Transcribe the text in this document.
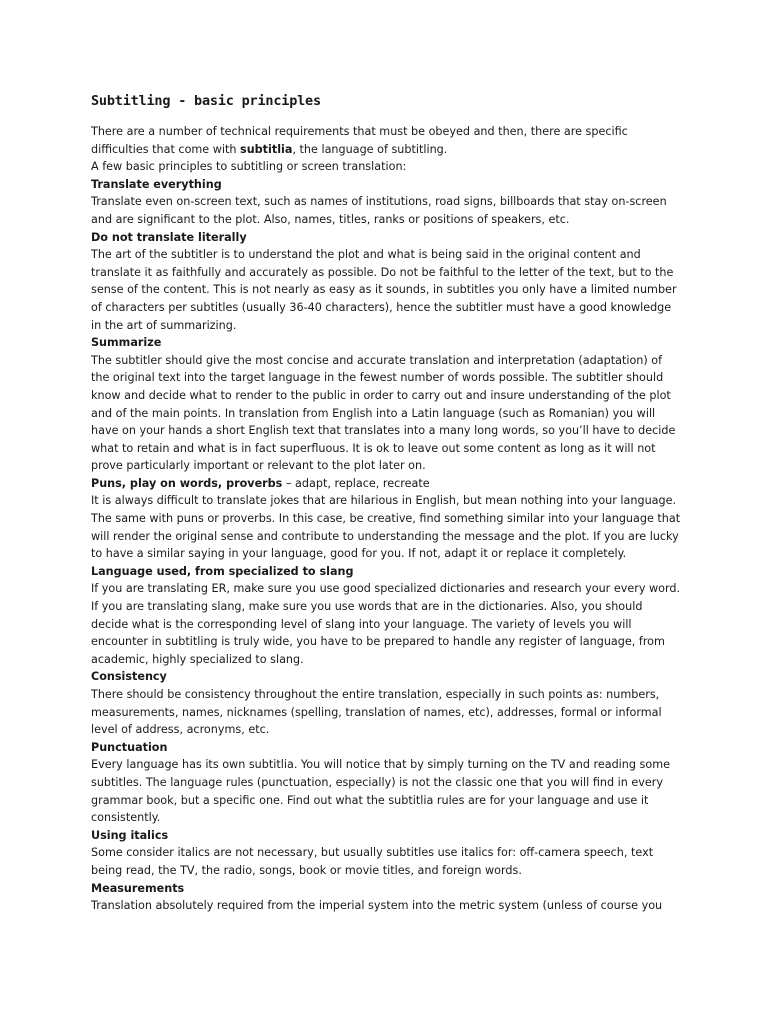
Subtitling - basic principles

There are a number of technical requirements that must be obeyed and then, there are specific difficulties that come with subtitlia, the language of subtitling.

A few basic principles to subtitling or screen translation:

Translate everything

Translate even on-screen text, such as names of institutions, road signs, billboards that stay on-screen and are significant to the plot. Also, names, titles, ranks or positions of speakers, etc.

Do not translate literally

The art of the subtitler is to understand the plot and what is being said in the original content and translate it as faithfully and accurately as possible. Do not be faithful to the letter of the text, but to the sense of the content. This is not nearly as easy as it sounds, in subtitles you only have a limited number of characters per subtitles (usually 36-40 characters), hence the subtitler must have a good knowledge in the art of summarizing.

Summarize

The subtitler should give the most concise and accurate translation and interpretation (adaptation) of the original text into the target language in the fewest number of words possible. The subtitler should know and decide what to render to the public in order to carry out and insure understanding of the plot and of the main points. In translation from English into a Latin language (such as Romanian) you will have on your hands a short English text that translates into a many long words, so you’ll have to decide what to retain and what is in fact superfluous. It is ok to leave out some content as long as it will not prove particularly important or relevant to the plot later on.

Puns, play on words, proverbs – adapt, replace, recreate

It is always difficult to translate jokes that are hilarious in English, but mean nothing into your language. The same with puns or proverbs. In this case, be creative, find something similar into your language that will render the original sense and contribute to understanding the message and the plot. If you are lucky to have a similar saying in your language, good for you. If not, adapt it or replace it completely.

Language used, from specialized to slang

If you are translating ER, make sure you use good specialized dictionaries and research your every word. If you are translating slang, make sure you use words that are in the dictionaries. Also, you should decide what is the corresponding level of slang into your language. The variety of levels you will encounter in subtitling is truly wide, you have to be prepared to handle any register of language, from academic, highly specialized to slang.

Consistency

There should be consistency throughout the entire translation, especially in such points as: numbers, measurements, names, nicknames (spelling, translation of names, etc), addresses, formal or informal level of address, acronyms, etc.

Punctuation

Every language has its own subtitlia. You will notice that by simply turning on the TV and reading some subtitles. The language rules (punctuation, especially) is not the classic one that you will find in every grammar book, but a specific one. Find out what the subtitlia rules are for your language and use it consistently.

Using italics

Some consider italics are not necessary, but usually subtitles use italics for: off-camera speech, text being read, the TV, the radio, songs, book or movie titles, and foreign words.

Measurements

Translation absolutely required from the imperial system into the metric system (unless of course you
